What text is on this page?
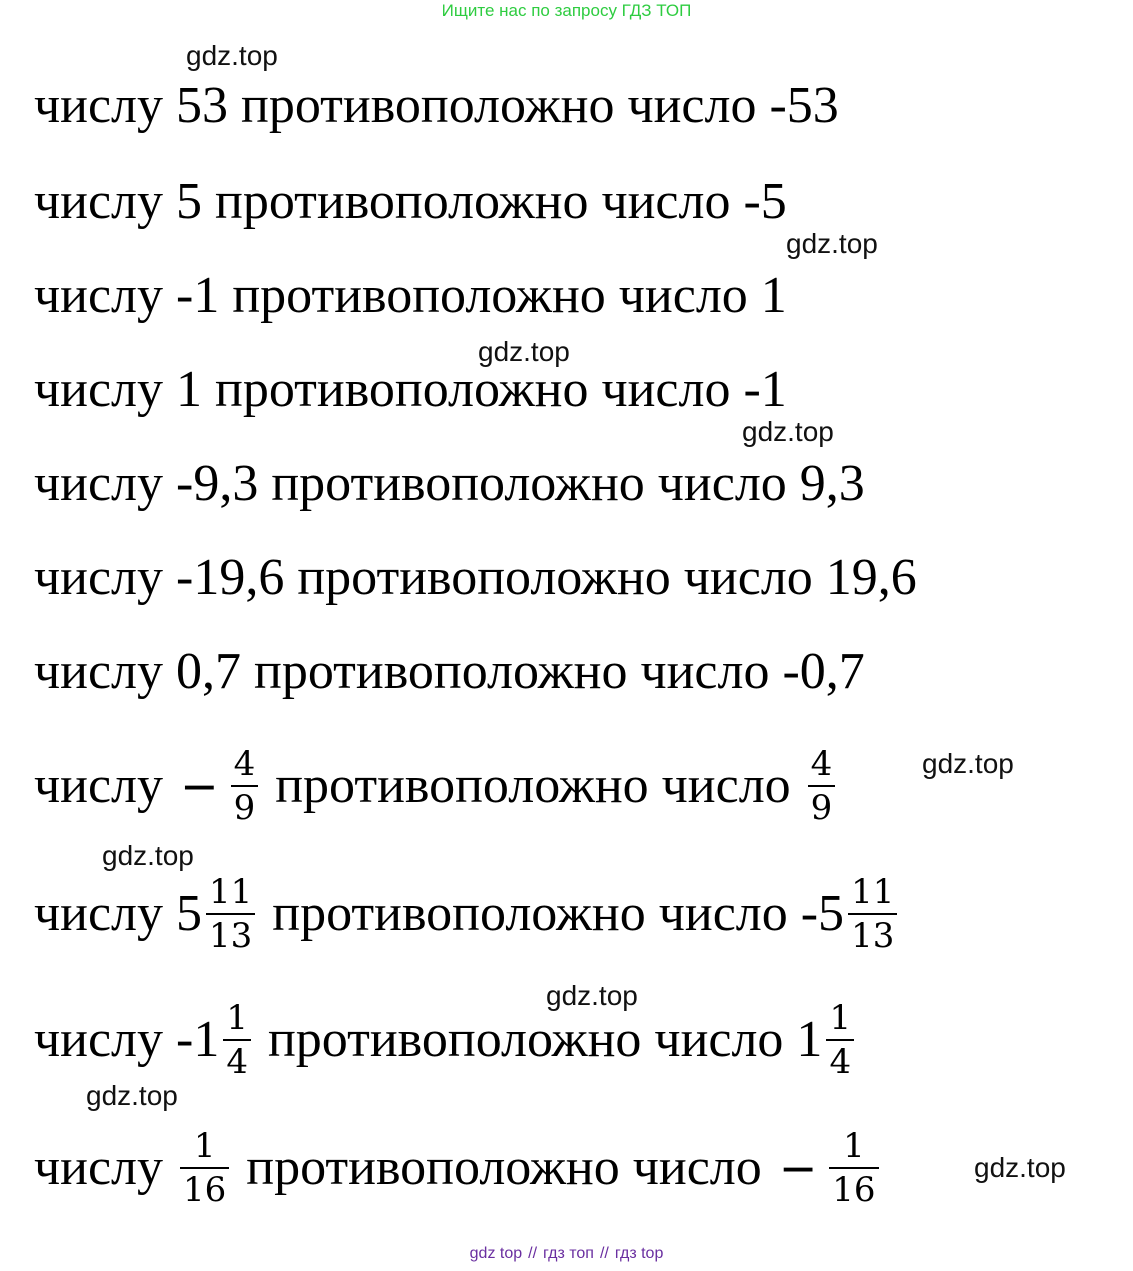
Ищите нас по запросу ГДЗ ТОП
gdz.top
gdz.top
gdz.top
gdz.top
gdz.top
gdz.top
gdz.top
gdz.top
gdz.top
числу 53 противоположно число -53
числу 5 противоположно число -5
числу -1 противоположно число 1
числу 1 противоположно число -1
числу -9,3 противоположно число 9,3
числу -19,6 противоположно число 19,6
числу 0,7 противоположно число -0,7
числу − $\frac{4}{9}$ противоположно число $\frac{4}{9}$
числу $5 \frac{11}{13}$ противоположно число $-5 \frac{11}{13}$
числу $-1 \frac{1}{4}$ противоположно число $1 \frac{1}{4}$
числу $\frac{1}{16}$ противоположно число − $\frac{1}{16}$
gdz top // гдз топ // гдз top
